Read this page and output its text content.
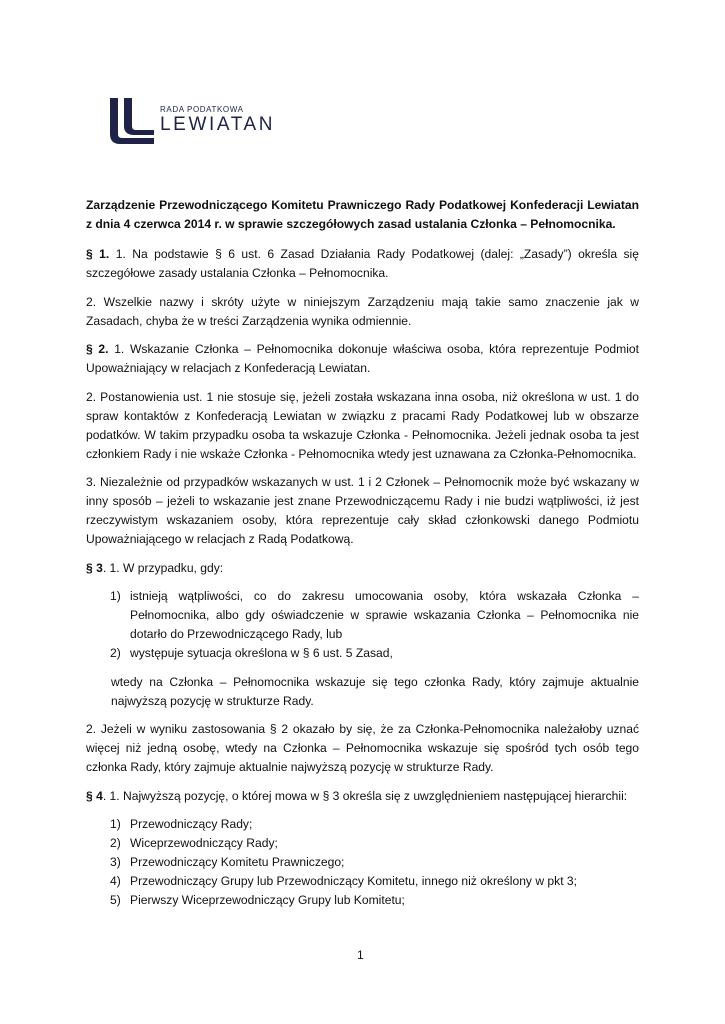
RADA PODATKOWA
LEWIATAN

Zarządzenie Przewodniczącego Komitetu Prawniczego Rady Podatkowej Konfederacji Lewiatan z dnia 4 czerwca 2014 r. w sprawie szczegółowych zasad ustalania Członka – Pełnomocnika.

§ 1. 1. Na podstawie § 6 ust. 6 Zasad Działania Rady Podatkowej (dalej: „Zasady”) określa się szczegółowe zasady ustalania Członka – Pełnomocnika.

2. Wszelkie nazwy i skróty użyte w niniejszym Zarządzeniu mają takie samo znaczenie jak w Zasadach, chyba że w treści Zarządzenia wynika odmiennie.

§ 2. 1. Wskazanie Członka – Pełnomocnika dokonuje właściwa osoba, która reprezentuje Podmiot Upoważniający w relacjach z Konfederacją Lewiatan.

2. Postanowienia ust. 1 nie stosuje się, jeżeli została wskazana inna osoba, niż określona w ust. 1 do spraw kontaktów z Konfederacją Lewiatan w związku z pracami Rady Podatkowej lub w obszarze podatków. W takim przypadku osoba ta wskazuje Członka - Pełnomocnika. Jeżeli jednak osoba ta jest członkiem Rady i nie wskaże Członka - Pełnomocnika wtedy jest uznawana za Członka-Pełnomocnika.

3. Niezależnie od przypadków wskazanych w ust. 1 i 2 Członek – Pełnomocnik może być wskazany w inny sposób – jeżeli to wskazanie jest znane Przewodniczącemu Rady i nie budzi wątpliwości, iż jest rzeczywistym wskazaniem osoby, która reprezentuje cały skład członkowski danego Podmiotu Upoważniającego w relacjach z Radą Podatkową.

§ 3. 1. W przypadku, gdy:

1) istnieją wątpliwości, co do zakresu umocowania osoby, która wskazała Członka – Pełnomocnika, albo gdy oświadczenie w sprawie wskazania Członka – Pełnomocnika nie dotarło do Przewodniczącego Rady, lub
2) występuje sytuacja określona w § 6 ust. 5 Zasad,

wtedy na Członka – Pełnomocnika wskazuje się tego członka Rady, który zajmuje aktualnie najwyższą pozycję w strukturze Rady.

2. Jeżeli w wyniku zastosowania § 2 okazało by się, że za Członka-Pełnomocnika należałoby uznać więcej niż jedną osobę, wtedy na Członka – Pełnomocnika wskazuje się spośród tych osób tego członka Rady, który zajmuje aktualnie najwyższą pozycję w strukturze Rady.

§ 4. 1. Najwyższą pozycję, o której mowa w § 3 określa się z uwzględnieniem następującej hierarchii:

1) Przewodniczący Rady;
2) Wiceprzewodniczący Rady;
3) Przewodniczący Komitetu Prawniczego;
4) Przewodniczący Grupy lub Przewodniczący Komitetu, innego niż określony w pkt 3;
5) Pierwszy Wiceprzewodniczący Grupy lub Komitetu;
1
